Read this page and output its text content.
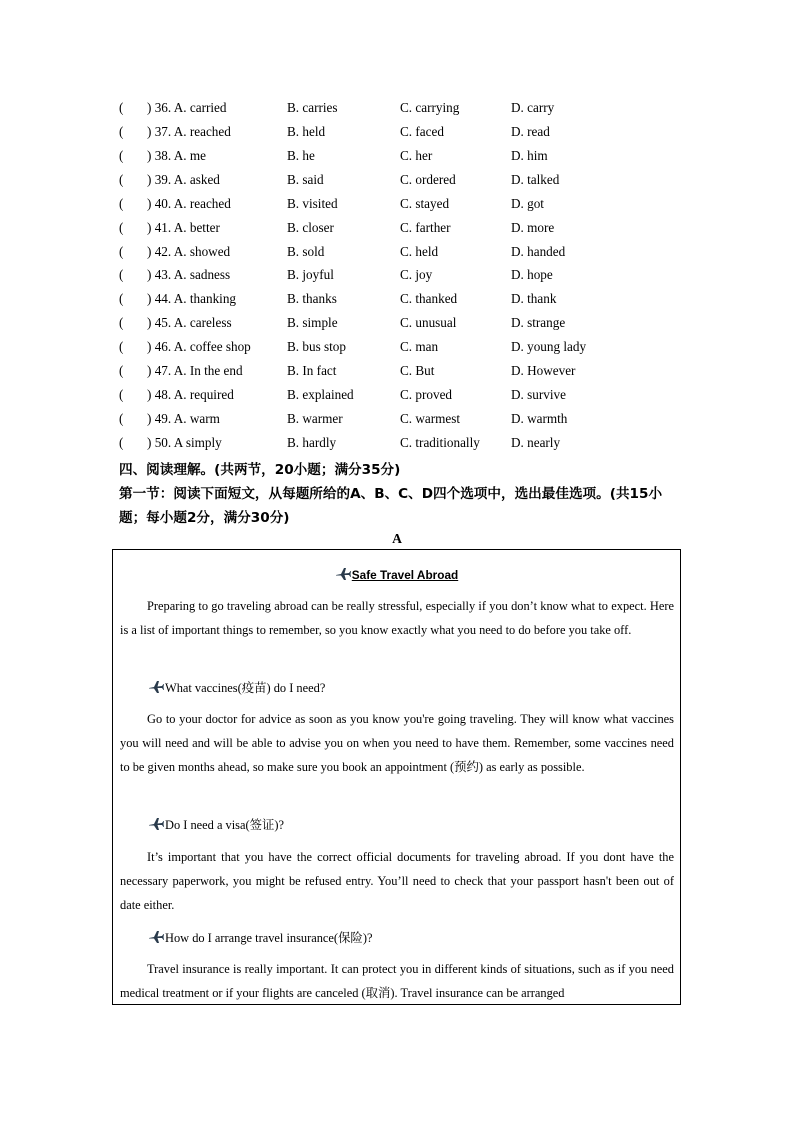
( ) 36. A. carried	B. carries	C. carrying	D. carry
( ) 37. A. reached	B. held	C. faced	D. read
( ) 38. A. me	B. he	C. her	D. him
( ) 39. A. asked	B. said	C. ordered	D. talked
( ) 40. A. reached	B. visited	C. stayed	D. got
( ) 41. A. better	B. closer	C. farther	D. more
( ) 42. A. showed	B. sold	C. held	D. handed
( ) 43. A. sadness	B. joyful	C. joy	D. hope
( ) 44. A. thanking	B. thanks	C. thanked	D. thank
( ) 45. A. careless	B. simple	C. unusual	D. strange
( ) 46. A. coffee shop	B. bus stop	C. man	D. young lady
( ) 47. A. In the end	B. In fact	C. But	D. However
( ) 48. A. required	B. explained	C. proved	D. survive
( ) 49. A. warm	B. warmer	C. warmest	D. warmth
( ) 50. A simply	B. hardly	C. traditionally D. nearly
四、阅读理解。(共两节，20小题；满分35分)
第一节：阅读下面短文，从每题所给的A、B、C、D四个选项中，选出最佳选项。(共15小题；每小题2分，满分30分)
A
Safe Travel Abroad
Preparing to go traveling abroad can be really stressful, especially if you don’t know what to expect. Here is a list of important things to remember, so you know exactly what you need to do before you take off.
What vaccines(疫苗) do I need?
Go to your doctor for advice as soon as you know you're going traveling. They will know what vaccines you will need and will be able to advise you on when you need to have them. Remember, some vaccines need to be given months ahead, so make sure you book an appointment (预约) as early as possible.
Do I need a visa(签证)?
It’s important that you have the correct official documents for traveling abroad. If you dont have the necessary paperwork, you might be refused entry. You’ll need to check that your passport hasn't been out of date either.
How do I arrange travel insurance(保险)?
Travel insurance is really important. It can protect you in different kinds of situations, such as if you need medical treatment or if your flights are canceled (取消). Travel insurance can be arranged
